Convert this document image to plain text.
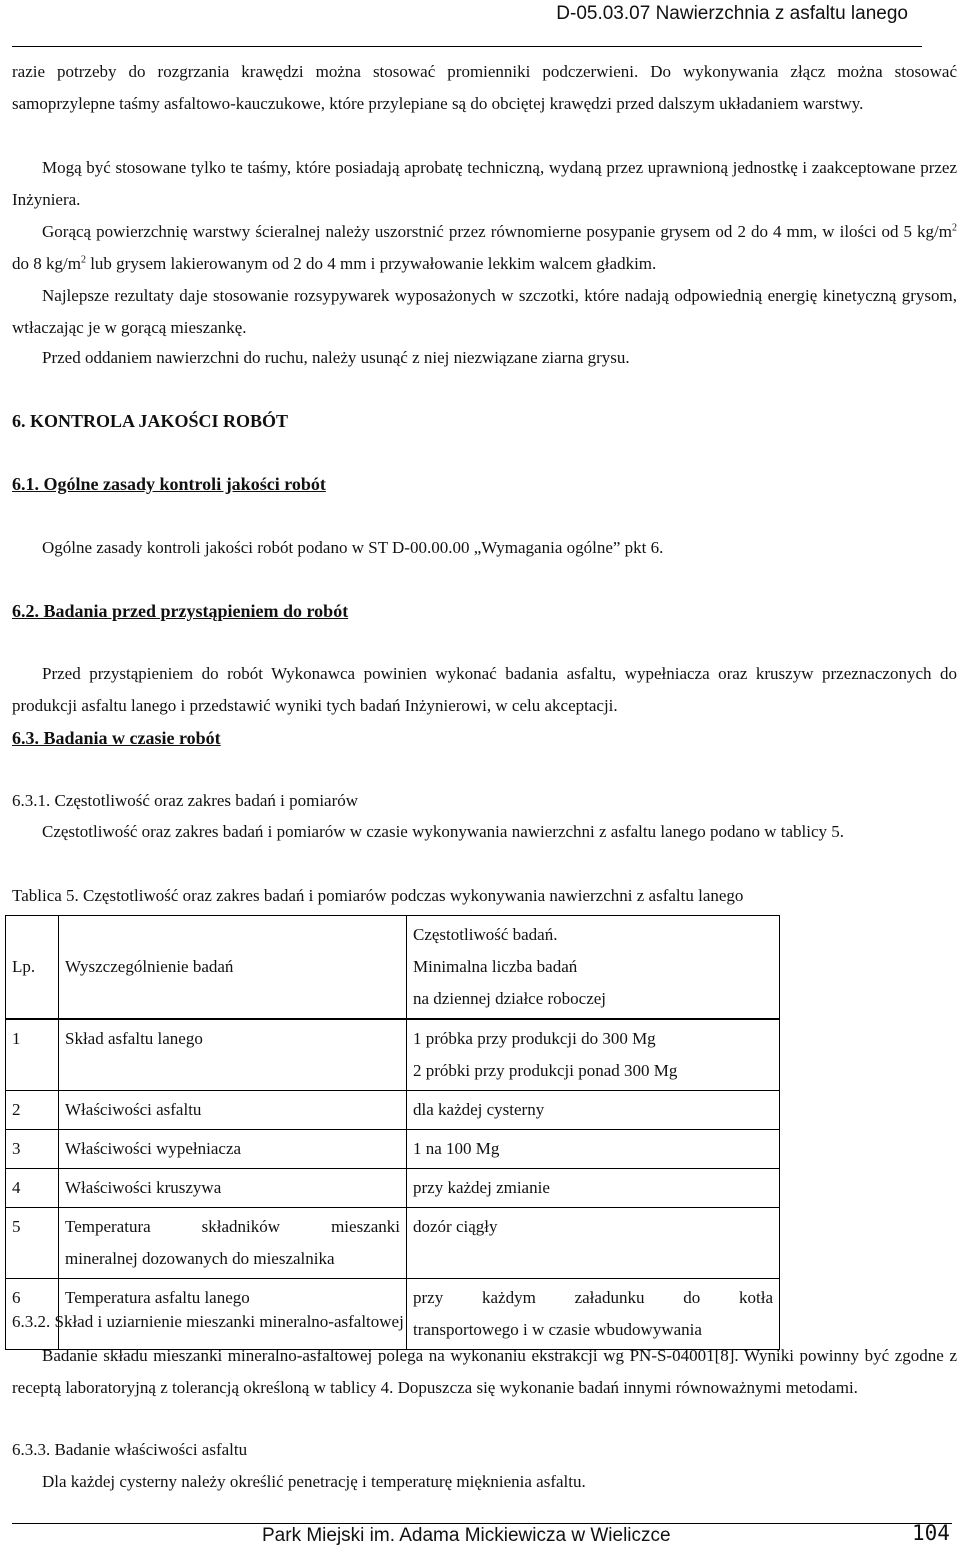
D-05.03.07 Nawierzchnia z asfaltu lanego

razie potrzeby do rozgrzania krawędzi można stosować promienniki podczerwieni. Do wykonywania złącz można stosować samoprzylepne taśmy asfaltowo-kauczukowe, które przylepiane są do obciętej krawędzi przed dalszym układaniem warstwy.

Mogą być stosowane tylko te taśmy, które posiadają aprobatę techniczną, wydaną przez uprawnioną jednostkę i zaakceptowane przez Inżyniera.

Gorącą powierzchnię warstwy ścieralnej należy uszorstnić przez równomierne posypanie grysem od 2 do 4 mm, w ilości od 5 $kg/m^2$ do 8 $kg/m^2$ lub grysem lakierowanym od 2 do 4 mm i przywałowanie lekkim walcem gładkim.

Najlepsze rezultaty daje stosowanie rozsypywarek wyposażonych w szczotki, które nadają odpowiednią energię kinetyczną grysom, wtłaczając je w gorącą mieszankę.

Przed oddaniem nawierzchni do ruchu, należy usunąć z niej niezwiązane ziarna grysu.

6. KONTROLA JAKOŚCI ROBÓT
6.1. Ogólne zasady kontroli jakości robót

Ogólne zasady kontroli jakości robót podano w ST D-00.00.00 „Wymagania ogólne” pkt 6.

6.2. Badania przed przystąpieniem do robót

Przed przystąpieniem do robót Wykonawca powinien wykonać badania asfaltu, wypełniacza oraz kruszyw przeznaczonych do produkcji asfaltu lanego i przedstawić wyniki tych badań Inżynierowi, w celu akceptacji.

6.3. Badania w czasie robót
6.3.1. Częstotliwość oraz zakres badań i pomiarów

Częstotliwość oraz zakres badań i pomiarów w czasie wykonywania nawierzchni z asfaltu lanego podano w tablicy 5.

Tablica 5. Częstotliwość oraz zakres badań i pomiarów podczas wykonywania nawierzchni z asfaltu lanego
Lp.	Wyszczególnienie badań	Częstotliwość badań.
Minimalna liczba badań
na dziennej działce roboczej

1	Skład asfaltu lanego	1 próbka przy produkcji do 300 Mg
2 próbki przy produkcji ponad 300 Mg

2	Właściwości asfaltu	dla każdej cysterny
3	Właściwości wypełniacza	1 na 100 Mg
4	Właściwości kruszywa	przy każdej zmianie
5	Temperatura składników mieszanki
mineralnej dozowanych do mieszalnika	dozór ciągły
6	Temperatura asfaltu lanego	przy każdym załadunku do kotła
transportowego i w czasie wbudowywania
6.3.2. Skład i uziarnienie mieszanki mineralno-asfaltowej

Badanie składu mieszanki mineralno-asfaltowej polega na wykonaniu ekstrakcji wg PN-S-04001[8]. Wyniki powinny być zgodne z receptą laboratoryjną z tolerancją określoną w tablicy 4. Dopuszcza się wykonanie badań innymi równoważnymi metodami.

6.3.3. Badanie właściwości asfaltu

Dla każdej cysterny należy określić penetrację i temperaturę mięknienia asfaltu.

Park Miejski im. Adama Mickiewicza w Wieliczce	104
